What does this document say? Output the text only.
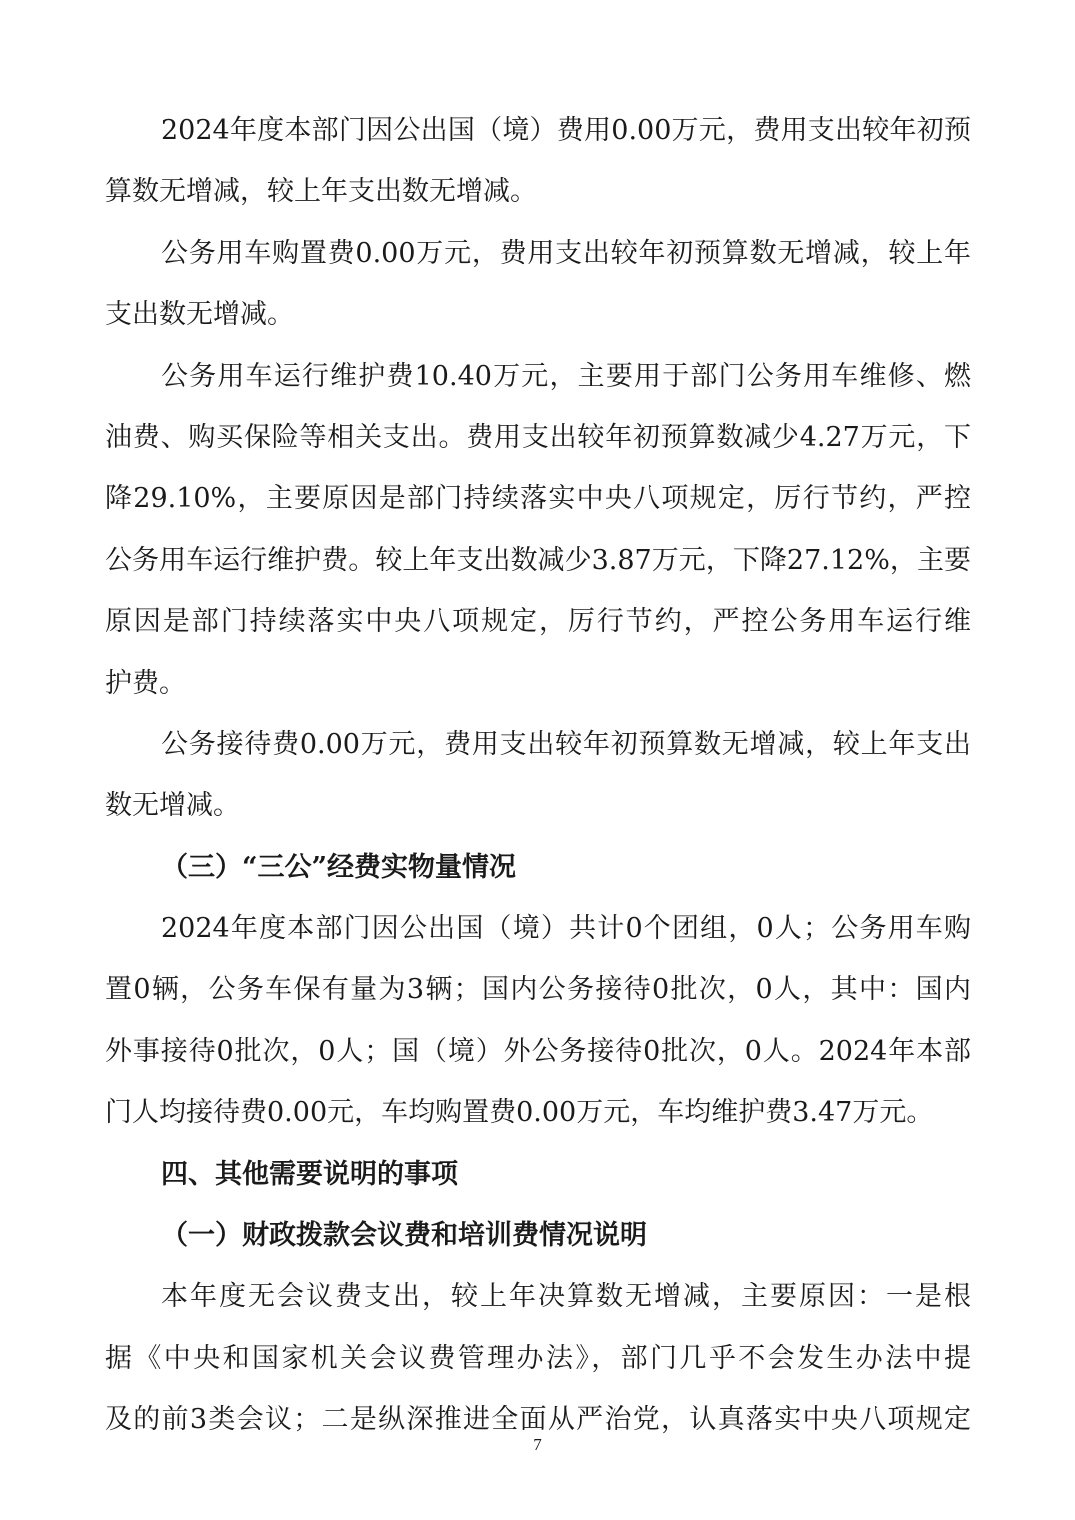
2024年度本部门因公出国（境）费用0.00万元，费用支出较年初预
算数无增减，较上年支出数无增减。
公务用车购置费0.00万元，费用支出较年初预算数无增减，较上年
支出数无增减。
公务用车运行维护费10.40万元，主要用于部门公务用车维修、燃
油费、购买保险等相关支出。费用支出较年初预算数减少4.27万元，下
降29.10%，主要原因是部门持续落实中央八项规定，厉行节约，严控
公务用车运行维护费。较上年支出数减少3.87万元，下降27.12%，主要
原因是部门持续落实中央八项规定，厉行节约，严控公务用车运行维
护费。
公务接待费0.00万元，费用支出较年初预算数无增减，较上年支出
数无增减。
（三）“三公”经费实物量情况
2024年度本部门因公出国（境）共计0个团组，0人；公务用车购
置0辆，公务车保有量为3辆；国内公务接待0批次，0人，其中：国内
外事接待0批次，0人；国（境）外公务接待0批次，0人。2024年本部
门人均接待费0.00元，车均购置费0.00万元，车均维护费3.47万元。
四、其他需要说明的事项
（一）财政拨款会议费和培训费情况说明
本年度无会议费支出，较上年决算数无增减，主要原因：一是根
据《中央和国家机关会议费管理办法》，部门几乎不会发生办法中提
及的前3类会议；二是纵深推进全面从严治党，认真落实中央八项规定
7
